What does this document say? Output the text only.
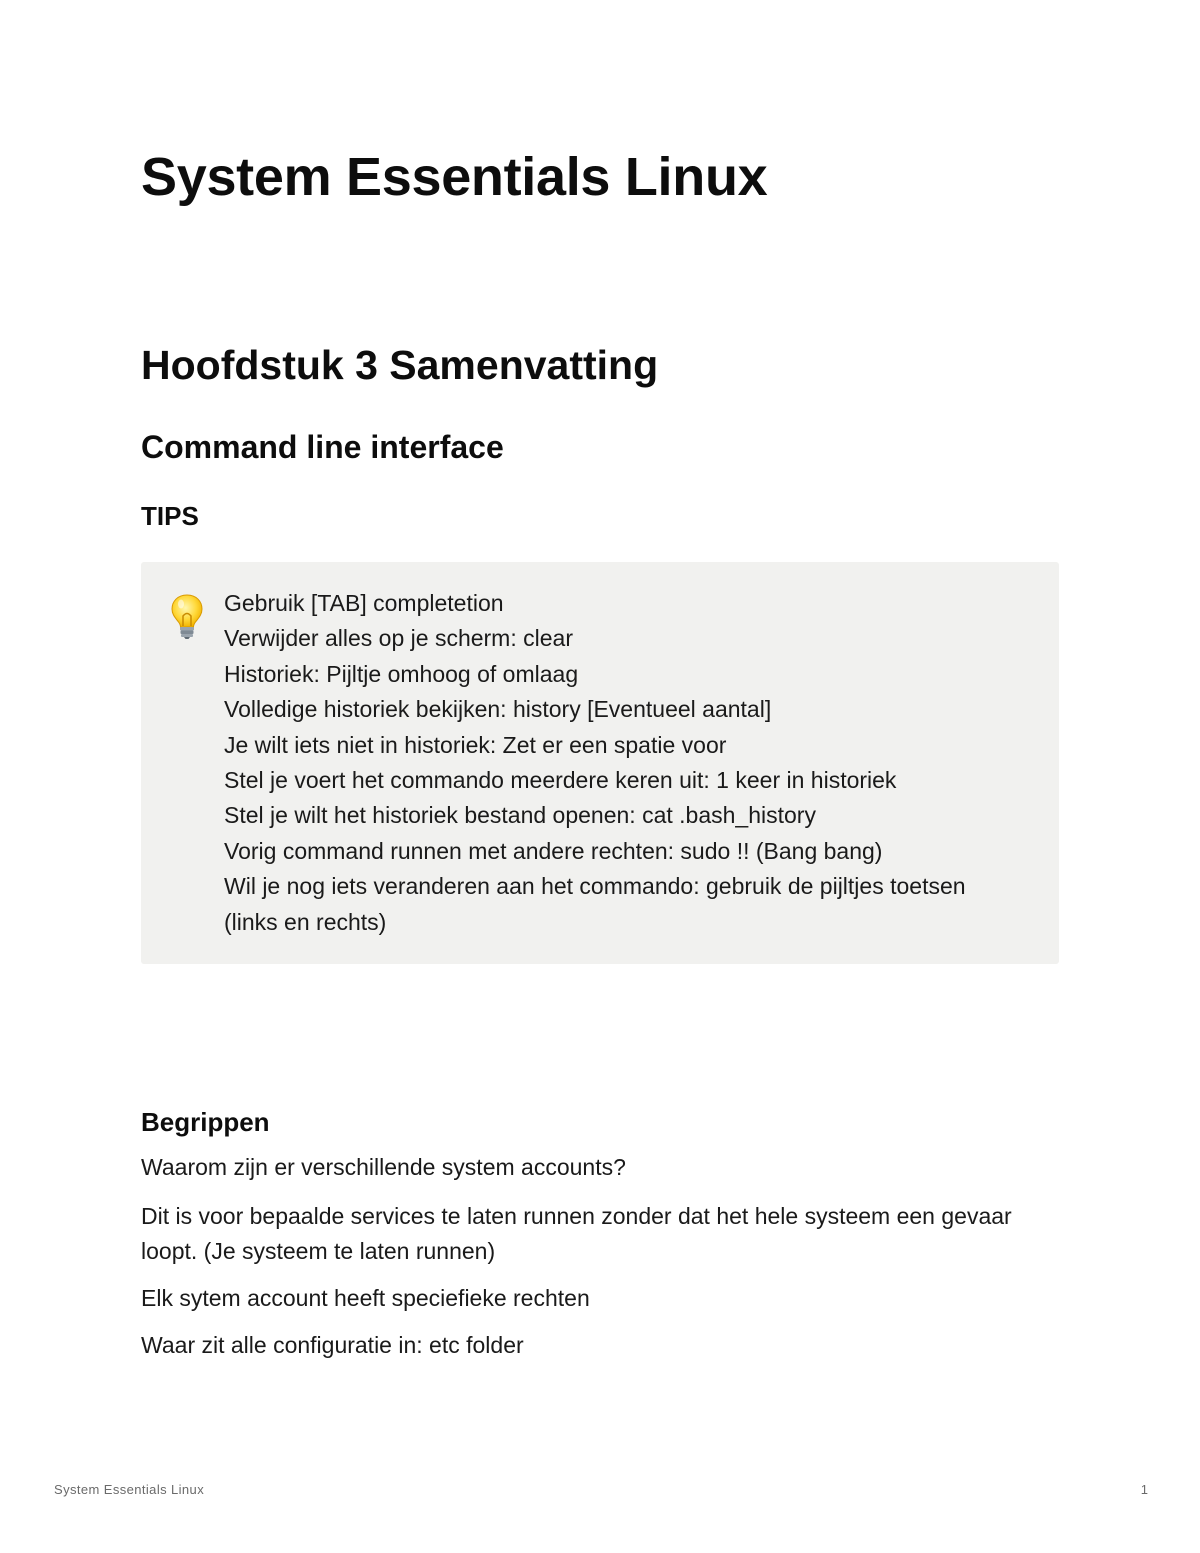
System Essentials Linux
Hoofdstuk 3 Samenvatting
Command line interface
TIPS
Gebruik [TAB] completetion
Verwijder alles op je scherm: clear
Historiek: Pijltje omhoog of omlaag
Volledige historiek bekijken: history [Eventueel aantal]
Je wilt iets niet in historiek: Zet er een spatie voor
Stel je voert het commando meerdere keren uit: 1 keer in historiek
Stel je wilt het historiek bestand openen: cat .bash_history
Vorig command runnen met andere rechten: sudo !! (Bang bang)
Wil je nog iets veranderen aan het commando: gebruik de pijltjes toetsen
(links en rechts)
Begrippen

Waarom zijn er verschillende system accounts?

Dit is voor bepaalde services te laten runnen zonder dat het hele systeem een gevaar loopt. (Je systeem te laten runnen)

Elk sytem account heeft speciefieke rechten

Waar zit alle configuratie in: etc folder

System Essentials Linux	1
